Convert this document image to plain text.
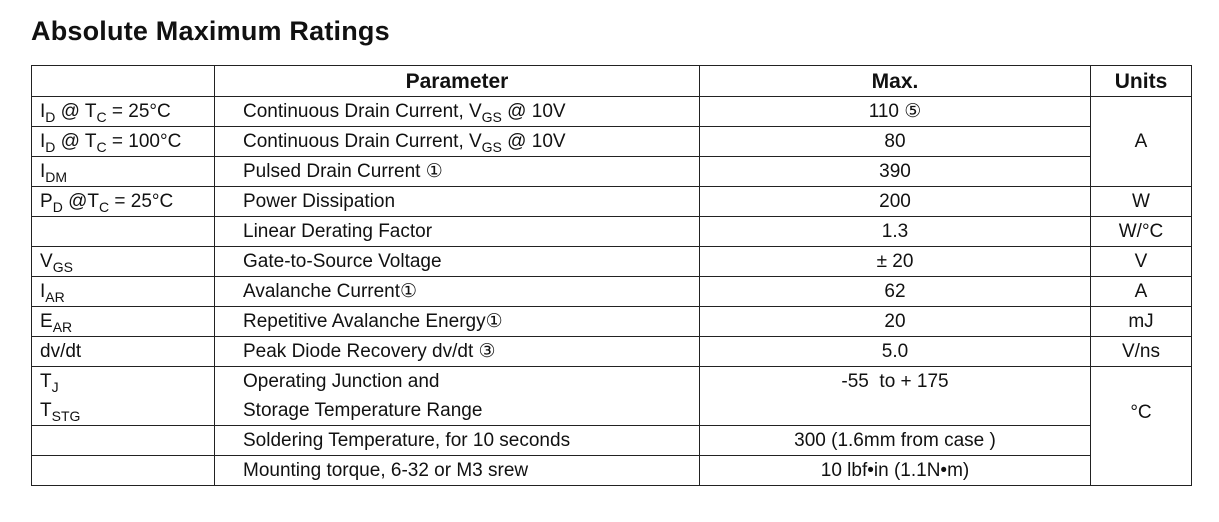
Absolute Maximum Ratings
	Parameter	Max.	Units
$I_D$ @ $T_C = 25^\circ C$	Continuous Drain Current, $V_{GS}$ @ 10V	110 ⑤	A
$I_D$ @ $T_C = 100^\circ C$	Continuous Drain Current, $V_{GS}$ @ 10V	80	
$I_{DM}$	Pulsed Drain Current ①	390	
$P_D$ $@T_C = 25^\circ C$	Power Dissipation	200	W
	Linear Derating Factor	1.3	W/°C
$V_{GS}$	Gate-to-Source Voltage	± 20	V
$I_{AR}$	Avalanche Current①	62	A
$E_{AR}$	Repetitive Avalanche Energy①	20	mJ
dv/dt	Peak Diode Recovery dv/dt ③	5.0	V/ns
$T_J$	Operating Junction and	-55  to + 175	°C
$T_{STG}$	Storage Temperature Range		
	Soldering Temperature, for 10 seconds	300 (1.6mm from case )	
	Mounting torque, 6-32 or M3 srew	10 lbf•in (1.1N•m)	
